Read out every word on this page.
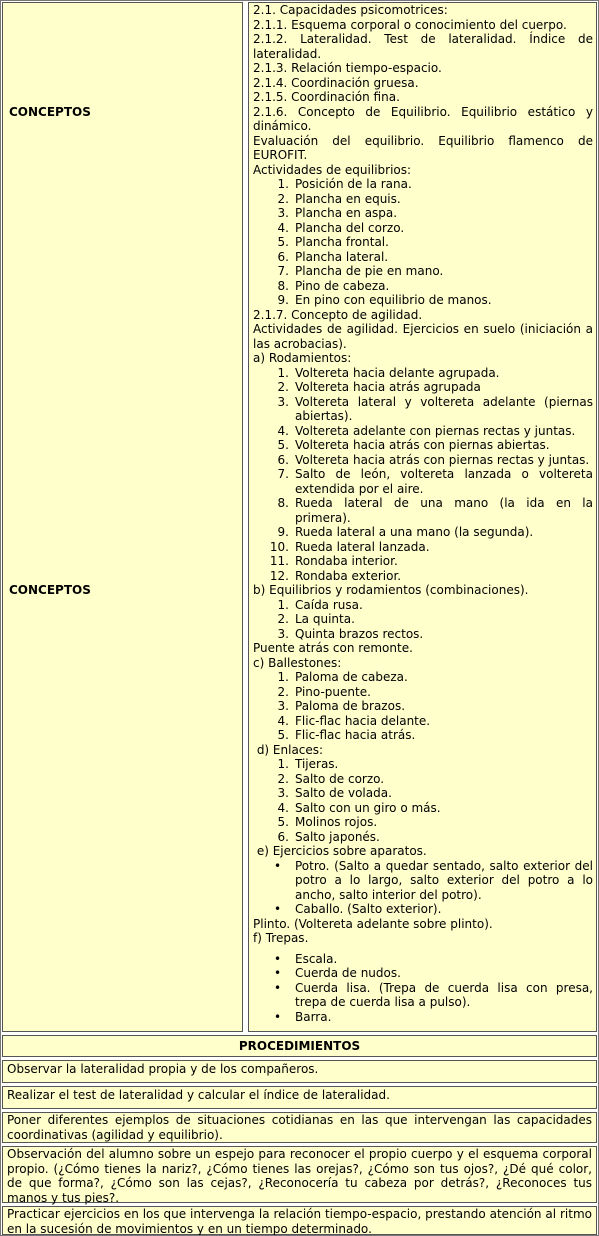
CONCEPTOS
CONCEPTOS
2.1. Capacidades psicomotrices:
2.1.1. Esquema corporal o conocimiento del cuerpo.
2.1.2. Lateralidad. Test de lateralidad. Índice de
lateralidad.
2.1.3. Relación tiempo-espacio.
2.1.4. Coordinación gruesa.
2.1.5. Coordinación fina.
2.1.6. Concepto de Equilibrio. Equilibrio estático y
dinámico.
Evaluación del equilibrio. Equilibrio flamenco de
EUROFIT.
Actividades de equilibrios:
1. Posición de la rana.
2. Plancha en equis.
3. Plancha en aspa.
4. Plancha del corzo.
5. Plancha frontal.
6. Plancha lateral.
7. Plancha de pie en mano.
8. Pino de cabeza.
9. En pino con equilibrio de manos.
2.1.7. Concepto de agilidad.
Actividades de agilidad. Ejercicios en suelo (iniciación a
las acrobacias).
a) Rodamientos:
1. Voltereta hacia delante agrupada.
2. Voltereta hacia atrás agrupada
3. Voltereta lateral y voltereta adelante (piernas
abiertas).
4. Voltereta adelante con piernas rectas y juntas.
5. Voltereta hacia atrás con piernas abiertas.
6. Voltereta hacia atrás con piernas rectas y juntas.
7. Salto de león, voltereta lanzada o voltereta
extendida por el aire.
8. Rueda lateral de una mano (la ida en la
primera).
9. Rueda lateral a una mano (la segunda).
10. Rueda lateral lanzada.
11. Rondaba interior.
12. Rondaba exterior.
b) Equilibrios y rodamientos (combinaciones).
1. Caída rusa.
2. La quinta.
3. Quinta brazos rectos.
Puente atrás con remonte.
c) Ballestones:
1. Paloma de cabeza.
2. Pino-puente.
3. Paloma de brazos.
4. Flic-flac hacia delante.
5. Flic-flac hacia atrás.
d) Enlaces:
1. Tijeras.
2. Salto de corzo.
3. Salto de volada.
4. Salto con un giro o más.
5. Molinos rojos.
6. Salto japonés.
e) Ejercicios sobre aparatos.
• Potro. (Salto a quedar sentado, salto exterior del
potro a lo largo, salto exterior del potro a lo
ancho, salto interior del potro).
• Caballo. (Salto exterior).
Plinto. (Voltereta adelante sobre plinto).
f) Trepas.
• Escala.
• Cuerda de nudos.
• Cuerda lisa. (Trepa de cuerda lisa con presa,
trepa de cuerda lisa a pulso).
• Barra.
PROCEDIMIENTOS
Observar la lateralidad propia y de los compañeros.
Realizar el test de lateralidad y calcular el índice de lateralidad.
Poner diferentes ejemplos de situaciones cotidianas en las que intervengan las capacidades
coordinativas (agilidad y equilibrio).
Observación del alumno sobre un espejo para reconocer el propio cuerpo y el esquema corporal
propio. (¿Cómo tienes la nariz?, ¿Cómo tienes las orejas?, ¿Cómo son tus ojos?, ¿Dé qué color,
de que forma?, ¿Cómo son las cejas?, ¿Reconocería tu cabeza por detrás?, ¿Reconoces tus
manos y tus pies?.
Practicar ejercicios en los que intervenga la relación tiempo-espacio, prestando atención al ritmo
en la sucesión de movimientos y en un tiempo determinado.
